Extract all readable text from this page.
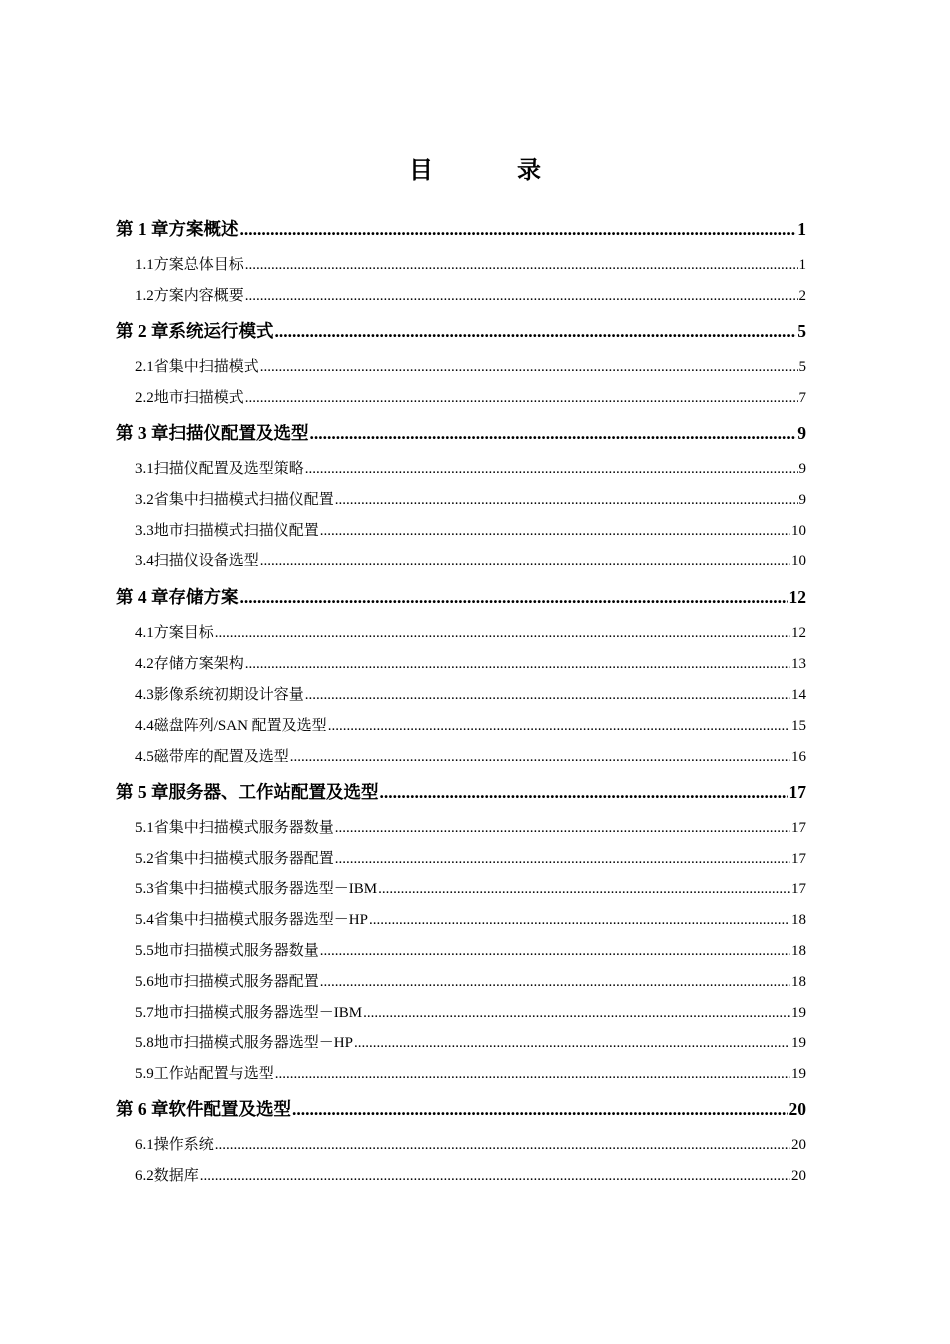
目　录
第 1 章 方案概述 .....	1
1.1 方案总体目标 .....	1
1.2 方案内容概要 .....	2
第 2 章 系统运行模式 .....	5
2.1 省集中扫描模式 .....	5
2.2 地市扫描模式 .....	7
第 3 章 扫描仪配置及选型 .....	9
3.1 扫描仪配置及选型策略 .....	9
3.2 省集中扫描模式扫描仪配置 .....	9
3.3 地市扫描模式扫描仪配置 .....	10
3.4 扫描仪设备选型 .....	10
第 4 章 存储方案 .....	12
4.1 方案目标 .....	12
4.2 存储方案架构 .....	13
4.3 影像系统初期设计容量 .....	14
4.4 磁盘阵列/SAN 配置及选型 .....	15
4.5 磁带库的配置及选型 .....	16
第 5 章 服务器、工作站配置及选型 .....	17
5.1 省集中扫描模式服务器数量 .....	17
5.2 省集中扫描模式服务器配置 .....	17
5.3 省集中扫描模式服务器选型－IBM .....	17
5.4 省集中扫描模式服务器选型－HP .....	18
5.5 地市扫描模式服务器数量 .....	18
5.6 地市扫描模式服务器配置 .....	18
5.7 地市扫描模式服务器选型－IBM .....	19
5.8 地市扫描模式服务器选型－HP .....	19
5.9 工作站配置与选型 .....	19
第 6 章 软件配置及选型 .....	20
6.1 操作系统 .....	20
6.2 数据库 .....	20
